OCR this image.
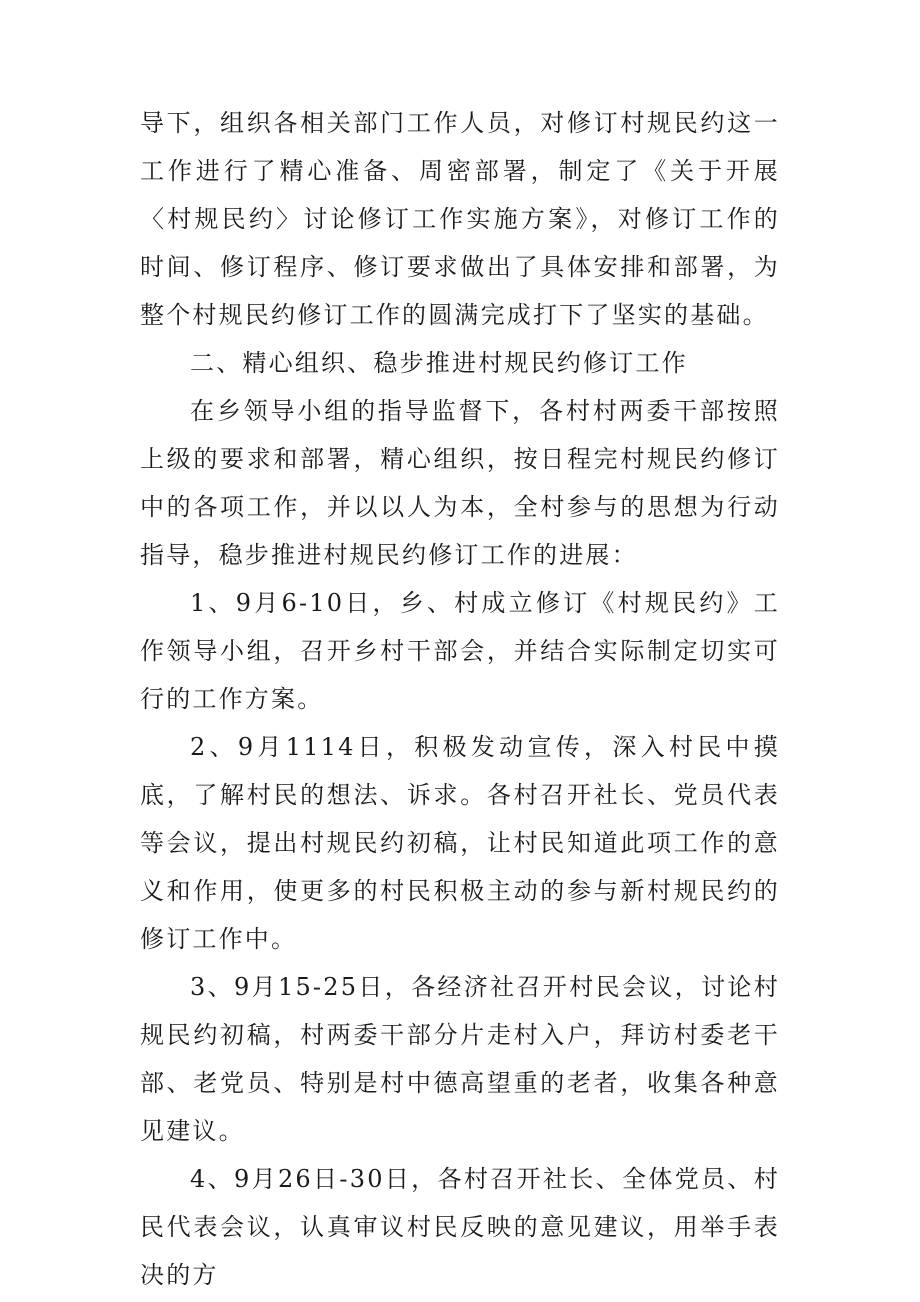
导下，组织各相关部门工作人员，对修订村规民约这一工作进行了精心准备、周密部署，制定了《关于开展〈村规民约〉讨论修订工作实施方案》，对修订工作的时间、修订程序、修订要求做出了具体安排和部署，为整个村规民约修订工作的圆满完成打下了坚实的基础。

二、精心组织、稳步推进村规民约修订工作

在乡领导小组的指导监督下，各村村两委干部按照上级的要求和部署，精心组织，按日程完村规民约修订中的各项工作，并以以人为本，全村参与的思想为行动指导，稳步推进村规民约修订工作的进展：

1、9月6-10日，乡、村成立修订《村规民约》工作领导小组，召开乡村干部会，并结合实际制定切实可行的工作方案。

2、9月1114日，积极发动宣传，深入村民中摸底，了解村民的想法、诉求。各村召开社长、党员代表等会议，提出村规民约初稿，让村民知道此项工作的意义和作用，使更多的村民积极主动的参与新村规民约的修订工作中。

3、9月15-25日，各经济社召开村民会议，讨论村规民约初稿，村两委干部分片走村入户，拜访村委老干部、老党员、特别是村中德高望重的老者，收集各种意见建议。

4、9月26日-30日，各村召开社长、全体党员、村民代表会议，认真审议村民反映的意见建议，用举手表决的方
